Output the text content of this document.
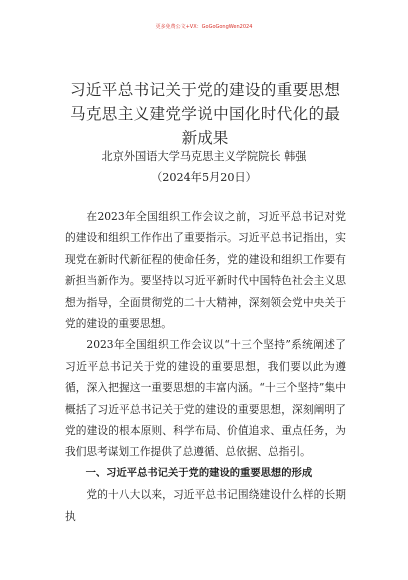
更多免费公文+VX：GoGoGongWen2024
习近平总书记关于党的建设的重要思想 马克思主义建党学说中国化时代化的最新成果
北京外国语大学马克思主义学院院长 韩强
（2024年5月20日）

在2023年全国组织工作会议之前，习近平总书记对党的建设和组织工作作出了重要指示。习近平总书记指出，实现党在新时代新征程的使命任务，党的建设和组织工作要有新担当新作为。要坚持以习近平新时代中国特色社会主义思想为指导，全面贯彻党的二十大精神，深刻领会党中央关于党的建设的重要思想。

2023年全国组织工作会议以“十三个坚持”系统阐述了习近平总书记关于党的建设的重要思想，我们要以此为遵循，深入把握这一重要思想的丰富内涵。“十三个坚持”集中概括了习近平总书记关于党的建设的重要思想，深刻阐明了党的建设的根本原则、科学布局、价值追求、重点任务，为我们思考谋划工作提供了总遵循、总依据、总指引。

一、习近平总书记关于党的建设的重要思想的形成

党的十八大以来，习近平总书记围绕建设什么样的长期执
